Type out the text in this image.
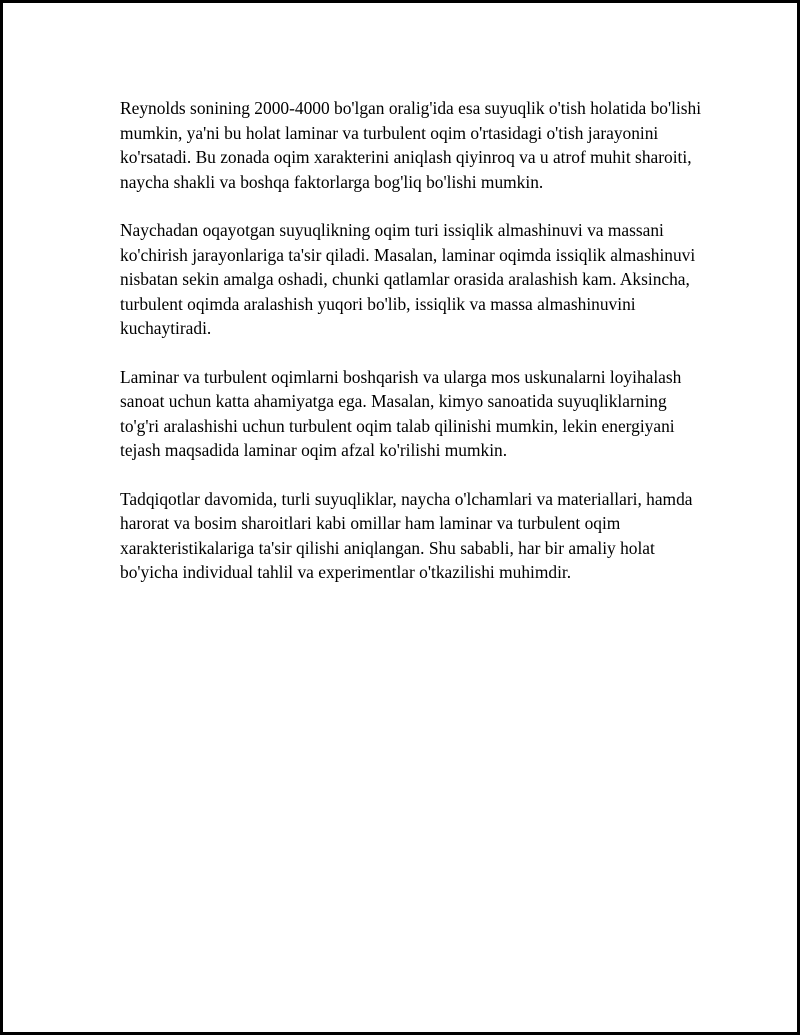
Reynolds sonining 2000-4000 bo'lgan oralig'ida esa suyuqlik o'tish holatida bo'lishi mumkin, ya'ni bu holat laminar va turbulent oqim o'rtasidagi o'tish jarayonini ko'rsatadi. Bu zonada oqim xarakterini aniqlash qiyinroq va u atrof muhit sharoiti, naycha shakli va boshqa faktorlarga bog'liq bo'lishi mumkin.

Naychadan oqayotgan suyuqlikning oqim turi issiqlik almashinuvi va massani ko'chirish jarayonlariga ta'sir qiladi. Masalan, laminar oqimda issiqlik almashinuvi nisbatan sekin amalga oshadi, chunki qatlamlar orasida aralashish kam. Aksincha, turbulent oqimda aralashish yuqori bo'lib, issiqlik va massa almashinuvini kuchaytiradi.

Laminar va turbulent oqimlarni boshqarish va ularga mos uskunalarni loyihalash sanoat uchun katta ahamiyatga ega. Masalan, kimyo sanoatida suyuqliklarning to'g'ri aralashishi uchun turbulent oqim talab qilinishi mumkin, lekin energiyani tejash maqsadida laminar oqim afzal ko'rilishi mumkin.

Tadqiqotlar davomida, turli suyuqliklar, naycha o'lchamlari va materiallari, hamda harorat va bosim sharoitlari kabi omillar ham laminar va turbulent oqim xarakteristikalariga ta'sir qilishi aniqlangan. Shu sababli, har bir amaliy holat bo'yicha individual tahlil va experimentlar o'tkazilishi muhimdir.
